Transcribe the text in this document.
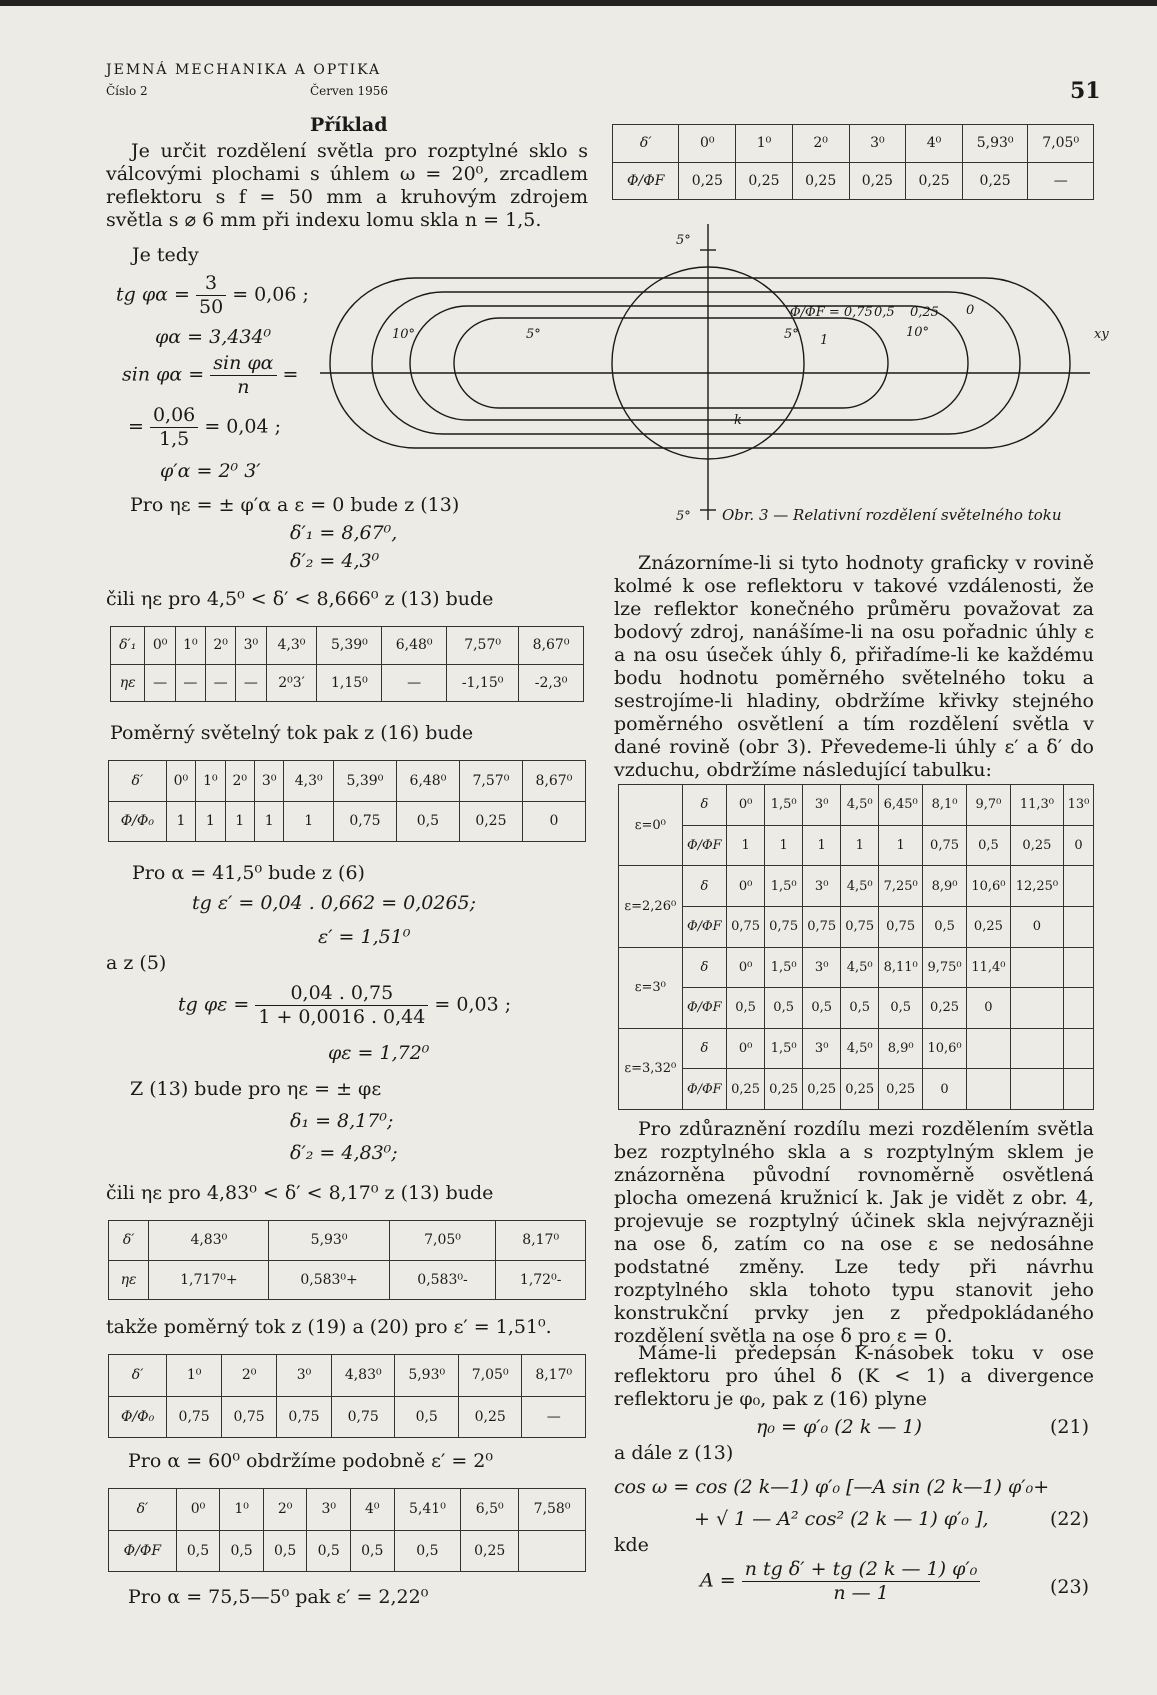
JEMNÁ MECHANIKA A OPTIKA
Číslo 2	Červen 1956	51
Příklad
Je určit rozdělení světla pro rozptylné sklo s válcovými plochami s úhlem ω = 20⁰, zrcadlem reflektoru s f = 50 mm a kruhovým zdrojem světla s ⌀ 6 mm při indexu lomu skla n = 1,5.
Je tedy
tg $\varphi\alpha = \frac{3}{50} = 0,06$ ;
φα = 3,434⁰
$\sin \varphi\alpha = \frac{\text{sin φα}}{n}$ =
= $\frac{0,06}{1,5} = 0,04$ ;
φ′α = 2⁰ 3′
Pro ηε = ± φ′α a ε = 0 bude z (13)
δ′₁ = 8,67⁰,
δ′₂ = 4,3⁰
čili ηε pro 4,5⁰ < δ′ < 8,666⁰ z (13) bude
δ′₁	0⁰	1⁰	2⁰	3⁰	4,3⁰	5,39⁰	6,48⁰	7,57⁰	8,67⁰
ηε	—	—	—	—	2⁰3′	1,15⁰	—	-1,15⁰	-2,3⁰
Poměrný světelný tok pak z (16) bude
δ′	0⁰	1⁰	2⁰	3⁰	4,3⁰	5,39⁰	6,48⁰	7,57⁰	8,67⁰
Φ/Φ₀	1	1	1	1	1	0,75	0,5	0,25	0
Pro α = 41,5⁰ bude z (6)
tg ε′ = 0,04 . 0,662 = 0,0265;
ε′ = 1,51⁰
a z (5)
tg $\varphi\varepsilon = \frac{0,04 . 0,75}{1 + 0,0016 . 0,44} = 0,03$ ;
φε = 1,72⁰
Z (13) bude pro ηε = ± φε
δ₁ = 8,17⁰;
δ′₂ = 4,83⁰;
čili ηε pro 4,83⁰ < δ′ < 8,17⁰ z (13) bude
δ′	4,83⁰	5,93⁰	7,05⁰	8,17⁰
ηε	1,717⁰+	0,583⁰+	0,583⁰-	1,72⁰-
takže poměrný tok z (19) a (20) pro ε′ = 1,51⁰.
δ′	1⁰	2⁰	3⁰	4,83⁰	5,93⁰	7,05⁰	8,17⁰
Φ/Φ₀	0,75	0,75	0,75	0,75	0,5	0,25	—
Pro α = 60⁰ obdržíme podobně ε′ = 2⁰
δ′	0⁰	1⁰	2⁰	3⁰	4⁰	5,41⁰	6,5⁰	7,58⁰
Φ/ΦF	0,5	0,5	0,5	0,5	0,5	0,5	0,25	
Pro α = 75,5—5⁰ pak ε′ = 2,22⁰
δ′	0⁰	1⁰	2⁰	3⁰	4⁰	5,93⁰	7,05⁰
Φ/ΦF	0,25	0,25	0,25	0,25	0,25	0,25	—
5°
5°
10°	5°
Φ/ΦF = 0,75 0,5 0,25 0
5° 1
10°	xy
k
Obr. 3 — Relativní rozdělení světelného toku
Znázorníme-li si tyto hodnoty graficky v rovině kolmé k ose reflektoru v takové vzdálenosti, že lze reflektor konečného průměru považovat za bodový zdroj, nanášíme-li na osu pořadnic úhly ε a na osu úseček úhly δ, přiřadíme-li ke každému bodu hodnotu poměrného světelného toku a sestrojíme-li hladiny, obdržíme křivky stejného poměrného osvětlení a tím rozdělení světla v dané rovině (obr 3). Převedeme-li úhly ε′ a δ′ do vzduchu, obdržíme následující tabulku:
ε=0⁰	δ	0⁰	1,5⁰	3⁰	4,5⁰	6,45⁰	8,1⁰	9,7⁰	11,3⁰	13⁰
	Φ/ΦF	1	1	1	1	1	0,75	0,5	0,25	0
ε=2,26⁰	δ	0⁰	1,5⁰	3⁰	4,5⁰	7,25⁰	8,9⁰	10,6⁰	12,25⁰	
	Φ/ΦF	0,75	0,75	0,75	0,75	0,75	0,5	0,25	0	
ε=3⁰	δ	0⁰	1,5⁰	3⁰	4,5⁰	8,11⁰	9,75⁰	11,4⁰		
	Φ/ΦF	0,5	0,5	0,5	0,5	0,5	0,25	0		
ε=3,32⁰	δ	0⁰	1,5⁰	3⁰	4,5⁰	8,9⁰	10,6⁰			
	Φ/ΦF	0,25	0,25	0,25	0,25	0,25	0			
Pro zdůraznění rozdílu mezi rozdělením světla bez rozptylného skla a s rozptylným sklem je znázorněna původní rovnoměrně osvětlená plocha omezená kružnicí k. Jak je vidět z obr. 4, projevuje se rozptylný účinek skla nejvýrazněji na ose δ, zatím co na ose ε se nedosáhne podstatné změny. Lze tedy při návrhu rozptylného skla tohoto typu stanovit jeho konstrukční prvky jen z předpokládaného rozdělení světla na ose δ pro ε = 0.
Máme-li předepsán K-násobek toku v ose reflektoru pro úhel δ (K < 1) a divergence reflektoru je φ₀, pak z (16) plyne
η₀ = φ′₀ (2 k — 1)	(21)
a dále z (13)
cos ω = cos (2 k—1) φ′₀ [—A sin (2 k—1) φ′₀+
+ √ 1 — A² cos² (2 k — 1) φ′₀ ],	(22)
kde
$A = \frac{\text{n tg δ′ + tg (2 k — 1) φ′₀}}{n — 1}$	(23)
